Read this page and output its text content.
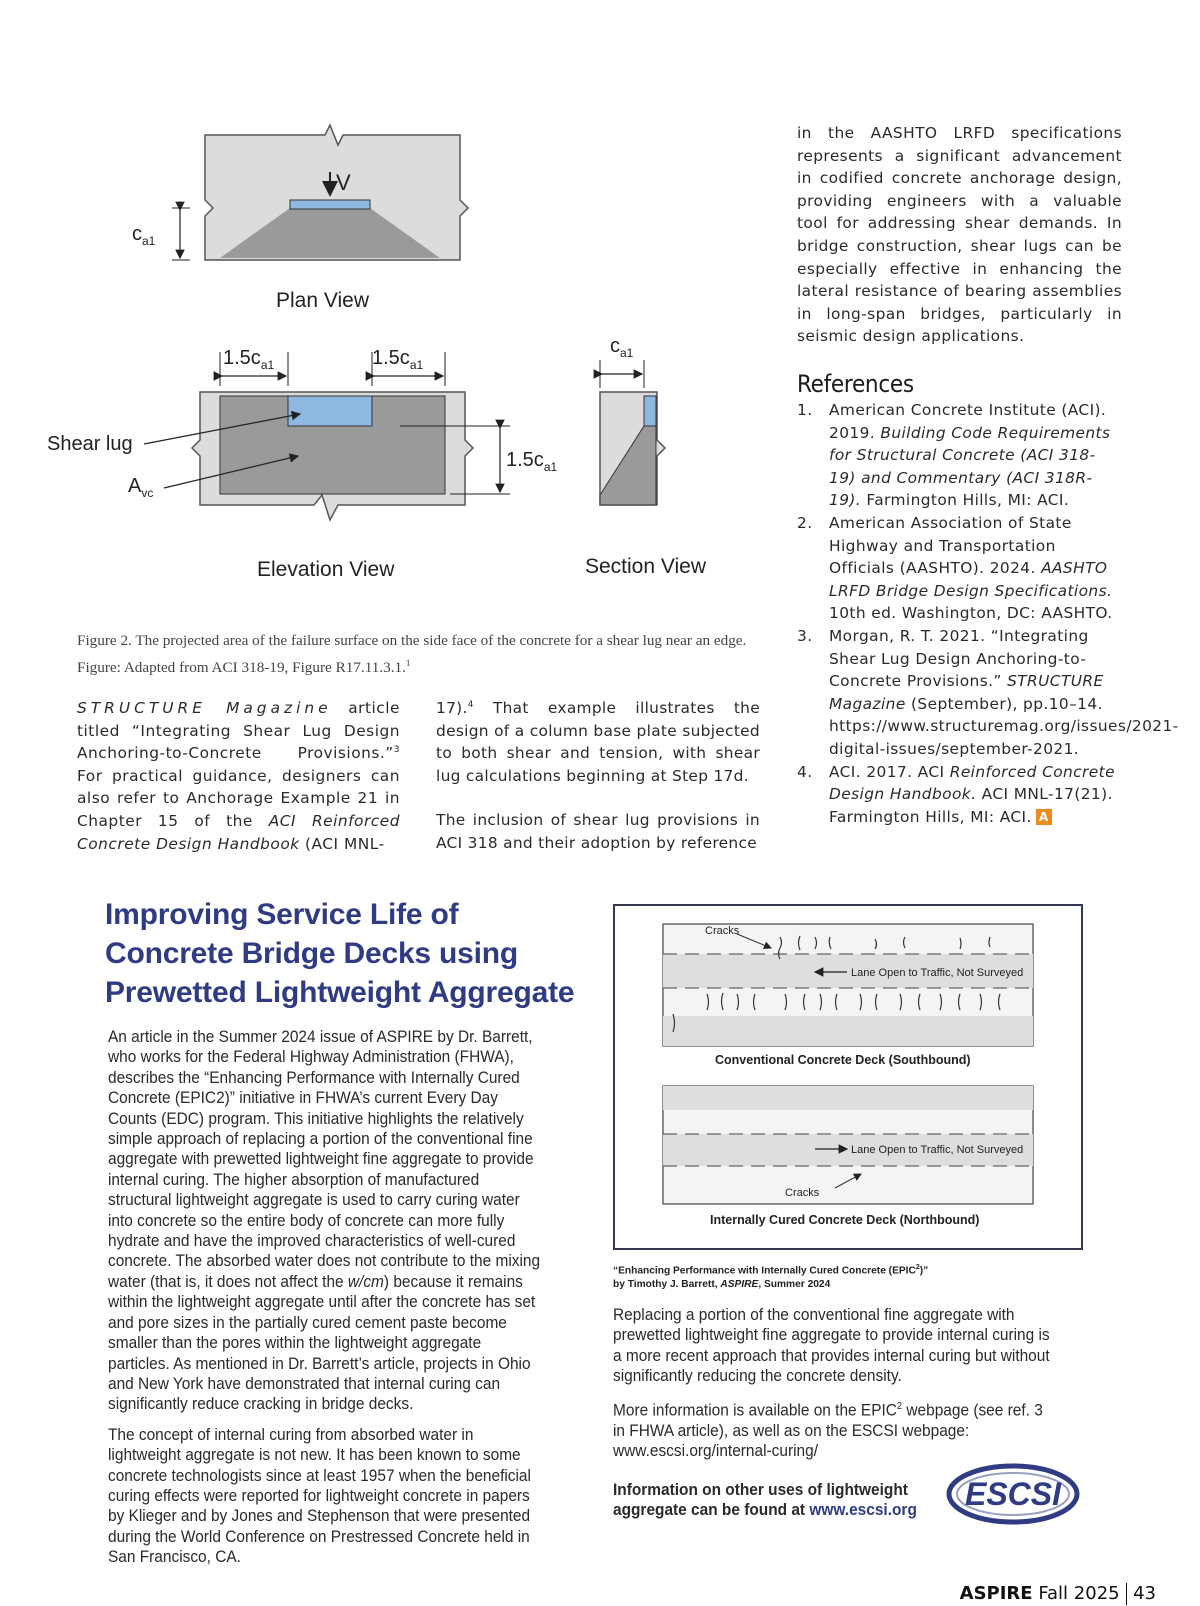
in the AASHTO LRFD specifications represents a significant advancement in codified concrete anchorage design, providing engineers with a valuable tool for addressing shear demands. In bridge construction, shear lugs can be especially effective in enhancing the lateral resistance of bearing assemblies in long-span bridges, particularly in seismic design applications.
References
1. American Concrete Institute (ACI). 2019. Building Code Requirements for Structural Concrete (ACI 318-19) and Commentary (ACI 318R-19). Farmington Hills, MI: ACI.
2. American Association of State Highway and Transportation Officials (AASHTO). 2024. AASHTO LRFD Bridge Design Specifications. 10th ed. Washington, DC: AASHTO.
3. Morgan, R. T. 2021. “Integrating Shear Lug Design Anchoring-to-Concrete Provisions.” STRUCTURE Magazine (September), pp.10–14. https://www.structuremag.org/issues/2021-digital-issues/september-2021.
4. ACI. 2017. ACI Reinforced Concrete Design Handbook. ACI MNL-17(21). Farmington Hills, MI: ACI. A
V
$c_{a1}$
Plan View
$1.5c_{a1}$	$1.5c_{a1}$
$1.5c_{a1}$
Shear lug
$A_{vc}$
Elevation View
$c_{a1}$
Section View
Figure 2. The projected area of the failure surface on the side face of the concrete for a shear lug near an edge. Figure: Adapted from ACI 318-19, Figure R17.11.3.1.$^1$
STRUCTURE Magazine article titled “Integrating Shear Lug Design Anchoring-to-Concrete Provisions.”$^3$ For practical guidance, designers can also refer to Anchorage Example 21 in Chapter 15 of the ACI Reinforced Concrete Design Handbook (ACI MNL-

17).$^4$ That example illustrates the design of a column base plate subjected to both shear and tension, with shear lug calculations beginning at Step 17d.

The inclusion of shear lug provisions in ACI 318 and their adoption by reference

Improving Service Life of
Concrete Bridge Decks using
Prewetted Lightweight Aggregate

An article in the Summer 2024 issue of ASPIRE by Dr. Barrett, who works for the Federal Highway Administration (FHWA), describes the “Enhancing Performance with Internally Cured Concrete (EPIC2)” initiative in FHWA’s current Every Day Counts (EDC) program. This initiative highlights the relatively simple approach of replacing a portion of the conventional fine aggregate with prewetted lightweight fine aggregate to provide internal curing. The higher absorption of manufactured structural lightweight aggregate is used to carry curing water into concrete so the entire body of concrete can more fully hydrate and have the improved characteristics of well-cured concrete. The absorbed water does not contribute to the mixing water (that is, it does not affect the w/cm) because it remains within the lightweight aggregate until after the concrete has set and pore sizes in the partially cured cement paste become smaller than the pores within the lightweight aggregate particles. As mentioned in Dr. Barrett’s article, projects in Ohio and New York have demonstrated that internal curing can significantly reduce cracking in bridge decks.

The concept of internal curing from absorbed water in lightweight aggregate is not new. It has been known to some concrete technologists since at least 1957 when the beneficial curing effects were reported for lightweight concrete in papers by Klieger and by Jones and Stephenson that were presented during the World Conference on Prestressed Concrete held in San Francisco, CA.

Cracks
Lane Open to Traffic, Not Surveyed
Conventional Concrete Deck (Southbound)
Lane Open to Traffic, Not Surveyed
Cracks
Internally Cured Concrete Deck (Northbound)
“Enhancing Performance with Internally Cured Concrete (EPIC$^2$)”
by Timothy J. Barrett, ASPIRE, Summer 2024

Replacing a portion of the conventional fine aggregate with prewetted lightweight fine aggregate to provide internal curing is a more recent approach that provides internal curing but without significantly reducing the concrete density.

More information is available on the EPIC$^2$ webpage (see ref. 3 in FHWA article), as well as on the ESCSI webpage: www.escsi.org/internal-curing/

Information on other uses of lightweight aggregate can be found at www.escsi.org ESCSI
ASPIRE Fall 2025 43
